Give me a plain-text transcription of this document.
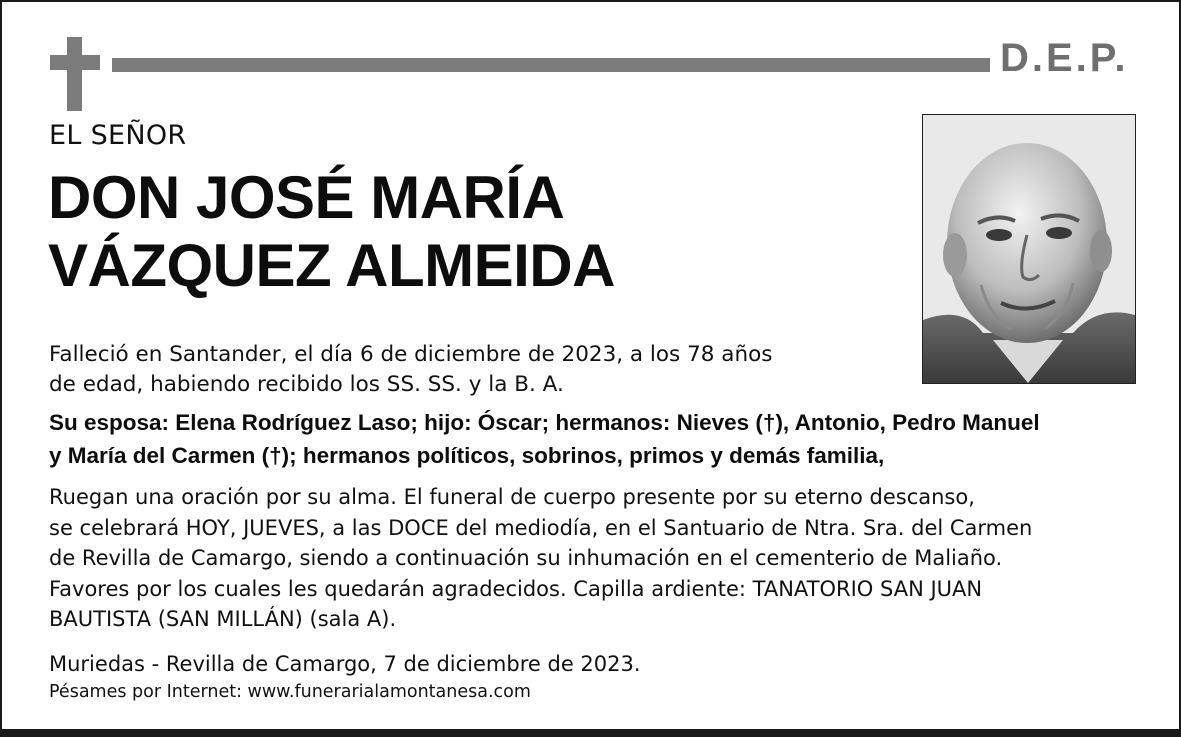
D.E.P.
EL SEÑOR
DON JOSÉ MARÍA
VÁZQUEZ ALMEIDA
Falleció en Santander, el día 6 de diciembre de 2023, a los 78 años
de edad, habiendo recibido los SS. SS. y la B. A.
Su esposa: Elena Rodríguez Laso; hijo: Óscar; hermanos: Nieves (†), Antonio, Pedro Manuel
y María del Carmen (†); hermanos políticos, sobrinos, primos y demás familia,
Ruegan una oración por su alma. El funeral de cuerpo presente por su eterno descanso,
se celebrará HOY, JUEVES, a las DOCE del mediodía, en el Santuario de Ntra. Sra. del Carmen
de Revilla de Camargo, siendo a continuación su inhumación en el cementerio de Maliaño.
Favores por los cuales les quedarán agradecidos. Capilla ardiente: TANATORIO SAN JUAN
BAUTISTA (SAN MILLÁN) (sala A).
Muriedas - Revilla de Camargo, 7 de diciembre de 2023.
Pésames por Internet: www.funerarialamontanesa.com
